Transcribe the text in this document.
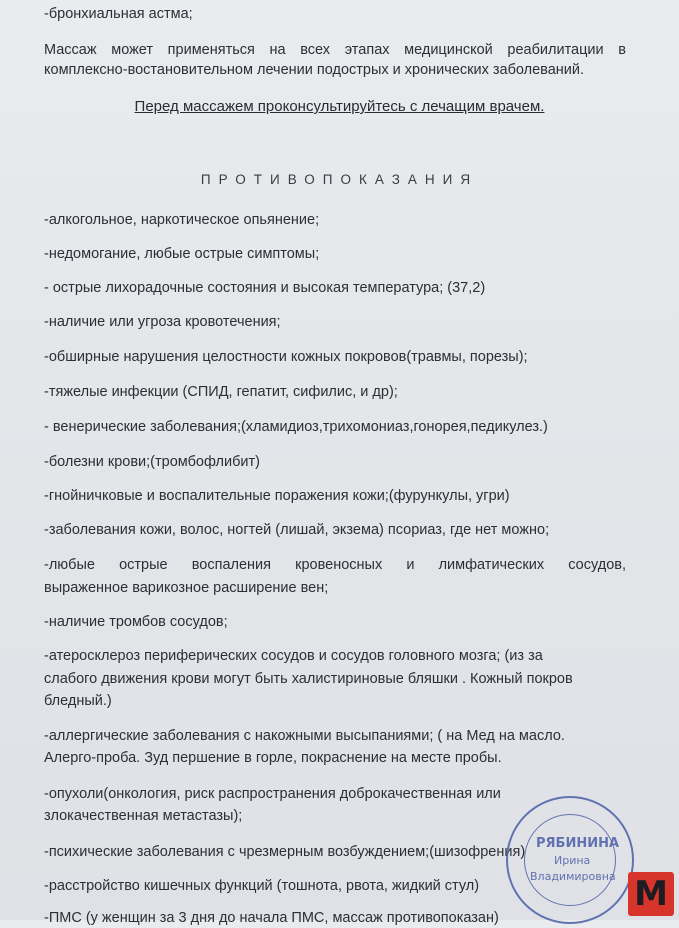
-бронхиальная астма;
Массаж может применяться на всех этапах медицинской реабилитации в комплексно-востановительном лечении подострых и хронических заболеваний.
Перед массажем проконсультируйтесь с лечащим врачем.
ПРОТИВОПОКАЗАНИЯ
-алкогольное, наркотическое опьянение;
-недомогание, любые острые симптомы;
- острые лихорадочные состояния и высокая температура; (37,2)
-наличие или угроза кровотечения;
-обширные нарушения целостности кожных покровов(травмы, порезы);
-тяжелые инфекции (СПИД, гепатит, сифилис, и др);
- венерические заболевания;(хламидиоз,трихомониаз,гонорея,педикулез.)
-болезни крови;(тромбофлибит)
-гнойничковые и воспалительные поражения кожи;(фурункулы, угри)
-заболевания кожи, волос, ногтей (лишай, экзема) псориаз, где нет можно;
-любые острые воспаления кровеносных и лимфатических сосудов,
выраженное варикозное расширение вен;
-наличие тромбов сосудов;
-атеросклероз периферических сосудов и сосудов головного мозга; (из за
слабого движения крови могут быть халистириновые бляшки . Кожный покров
бледный.)
-аллергические заболевания с накожными высыпаниями; ( на Мед на масло.
Алерго-проба. Зуд першение в горле, покраснение на месте пробы.
-опухоли(онкология, риск распространения доброкачественная или
злокачественная метастазы);
-психические заболевания с чрезмерным возбуждением;(шизофрения)
-расстройство кишечных функций (тошнота, рвота, жидкий стул)
-ПМС (у женщин за 3 дня до начала ПМС, массаж противопоказан)
РЯБИНИНА
Ирина
Владимировна M
